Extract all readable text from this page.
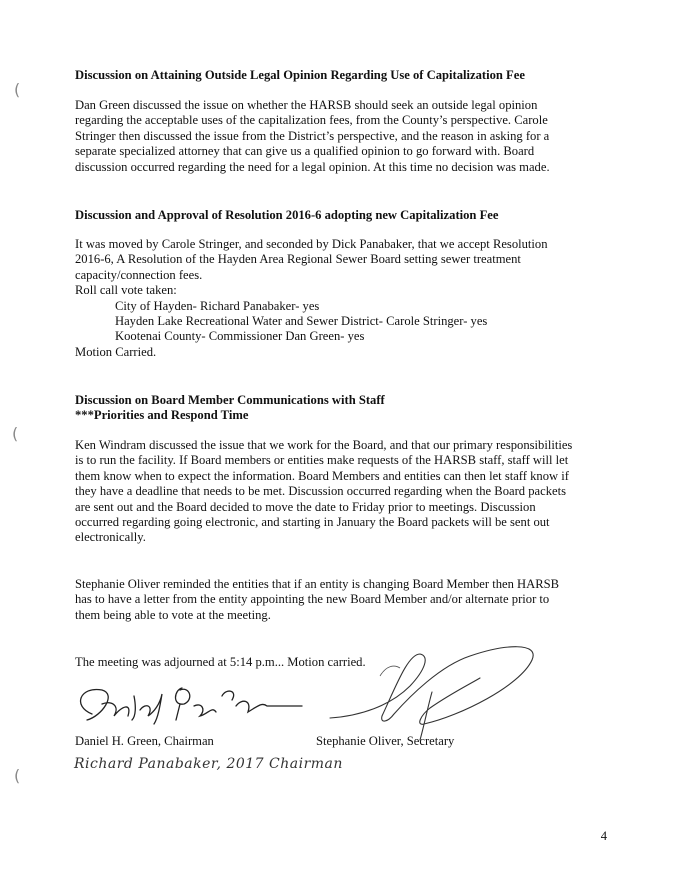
(
(
(
Discussion on Attaining Outside Legal Opinion Regarding Use of Capitalization Fee

Dan Green discussed the issue on whether the HARSB should seek an outside legal opinion

regarding the acceptable uses of the capitalization fees, from the County’s perspective. Carole

Stringer then discussed the issue from the District’s perspective, and the reason in asking for a

separate specialized attorney that can give us a qualified opinion to go forward with. Board

discussion occurred regarding the need for a legal opinion. At this time no decision was made.

Discussion and Approval of Resolution 2016-6 adopting new Capitalization Fee

It was moved by Carole Stringer, and seconded by Dick Panabaker, that we accept Resolution

2016-6, A Resolution of the Hayden Area Regional Sewer Board setting sewer treatment

capacity/connection fees.

Roll call vote taken:

City of Hayden- Richard Panabaker- yes

Hayden Lake Recreational Water and Sewer District- Carole Stringer- yes

Kootenai County- Commissioner Dan Green- yes

Motion Carried.

Discussion on Board Member Communications with Staff
***Priorities and Respond Time

Ken Windram discussed the issue that we work for the Board, and that our primary responsibilities

is to run the facility. If Board members or entities make requests of the HARSB staff, staff will let

them know when to expect the information. Board Members and entities can then let staff know if

they have a deadline that needs to be met. Discussion occurred regarding when the Board packets

are sent out and the Board decided to move the date to Friday prior to meetings. Discussion

occurred regarding going electronic, and starting in January the Board packets will be sent out

electronically.

Stephanie Oliver reminded the entities that if an entity is changing Board Member then HARSB

has to have a letter from the entity appointing the new Board Member and/or alternate prior to

them being able to vote at the meeting.

The meeting was adjourned at 5:14 p.m... Motion carried.

Daniel H. Green, Chairman	Stephanie Oliver, Secretary
Richard Panabaker, 2017 Chairman
4
